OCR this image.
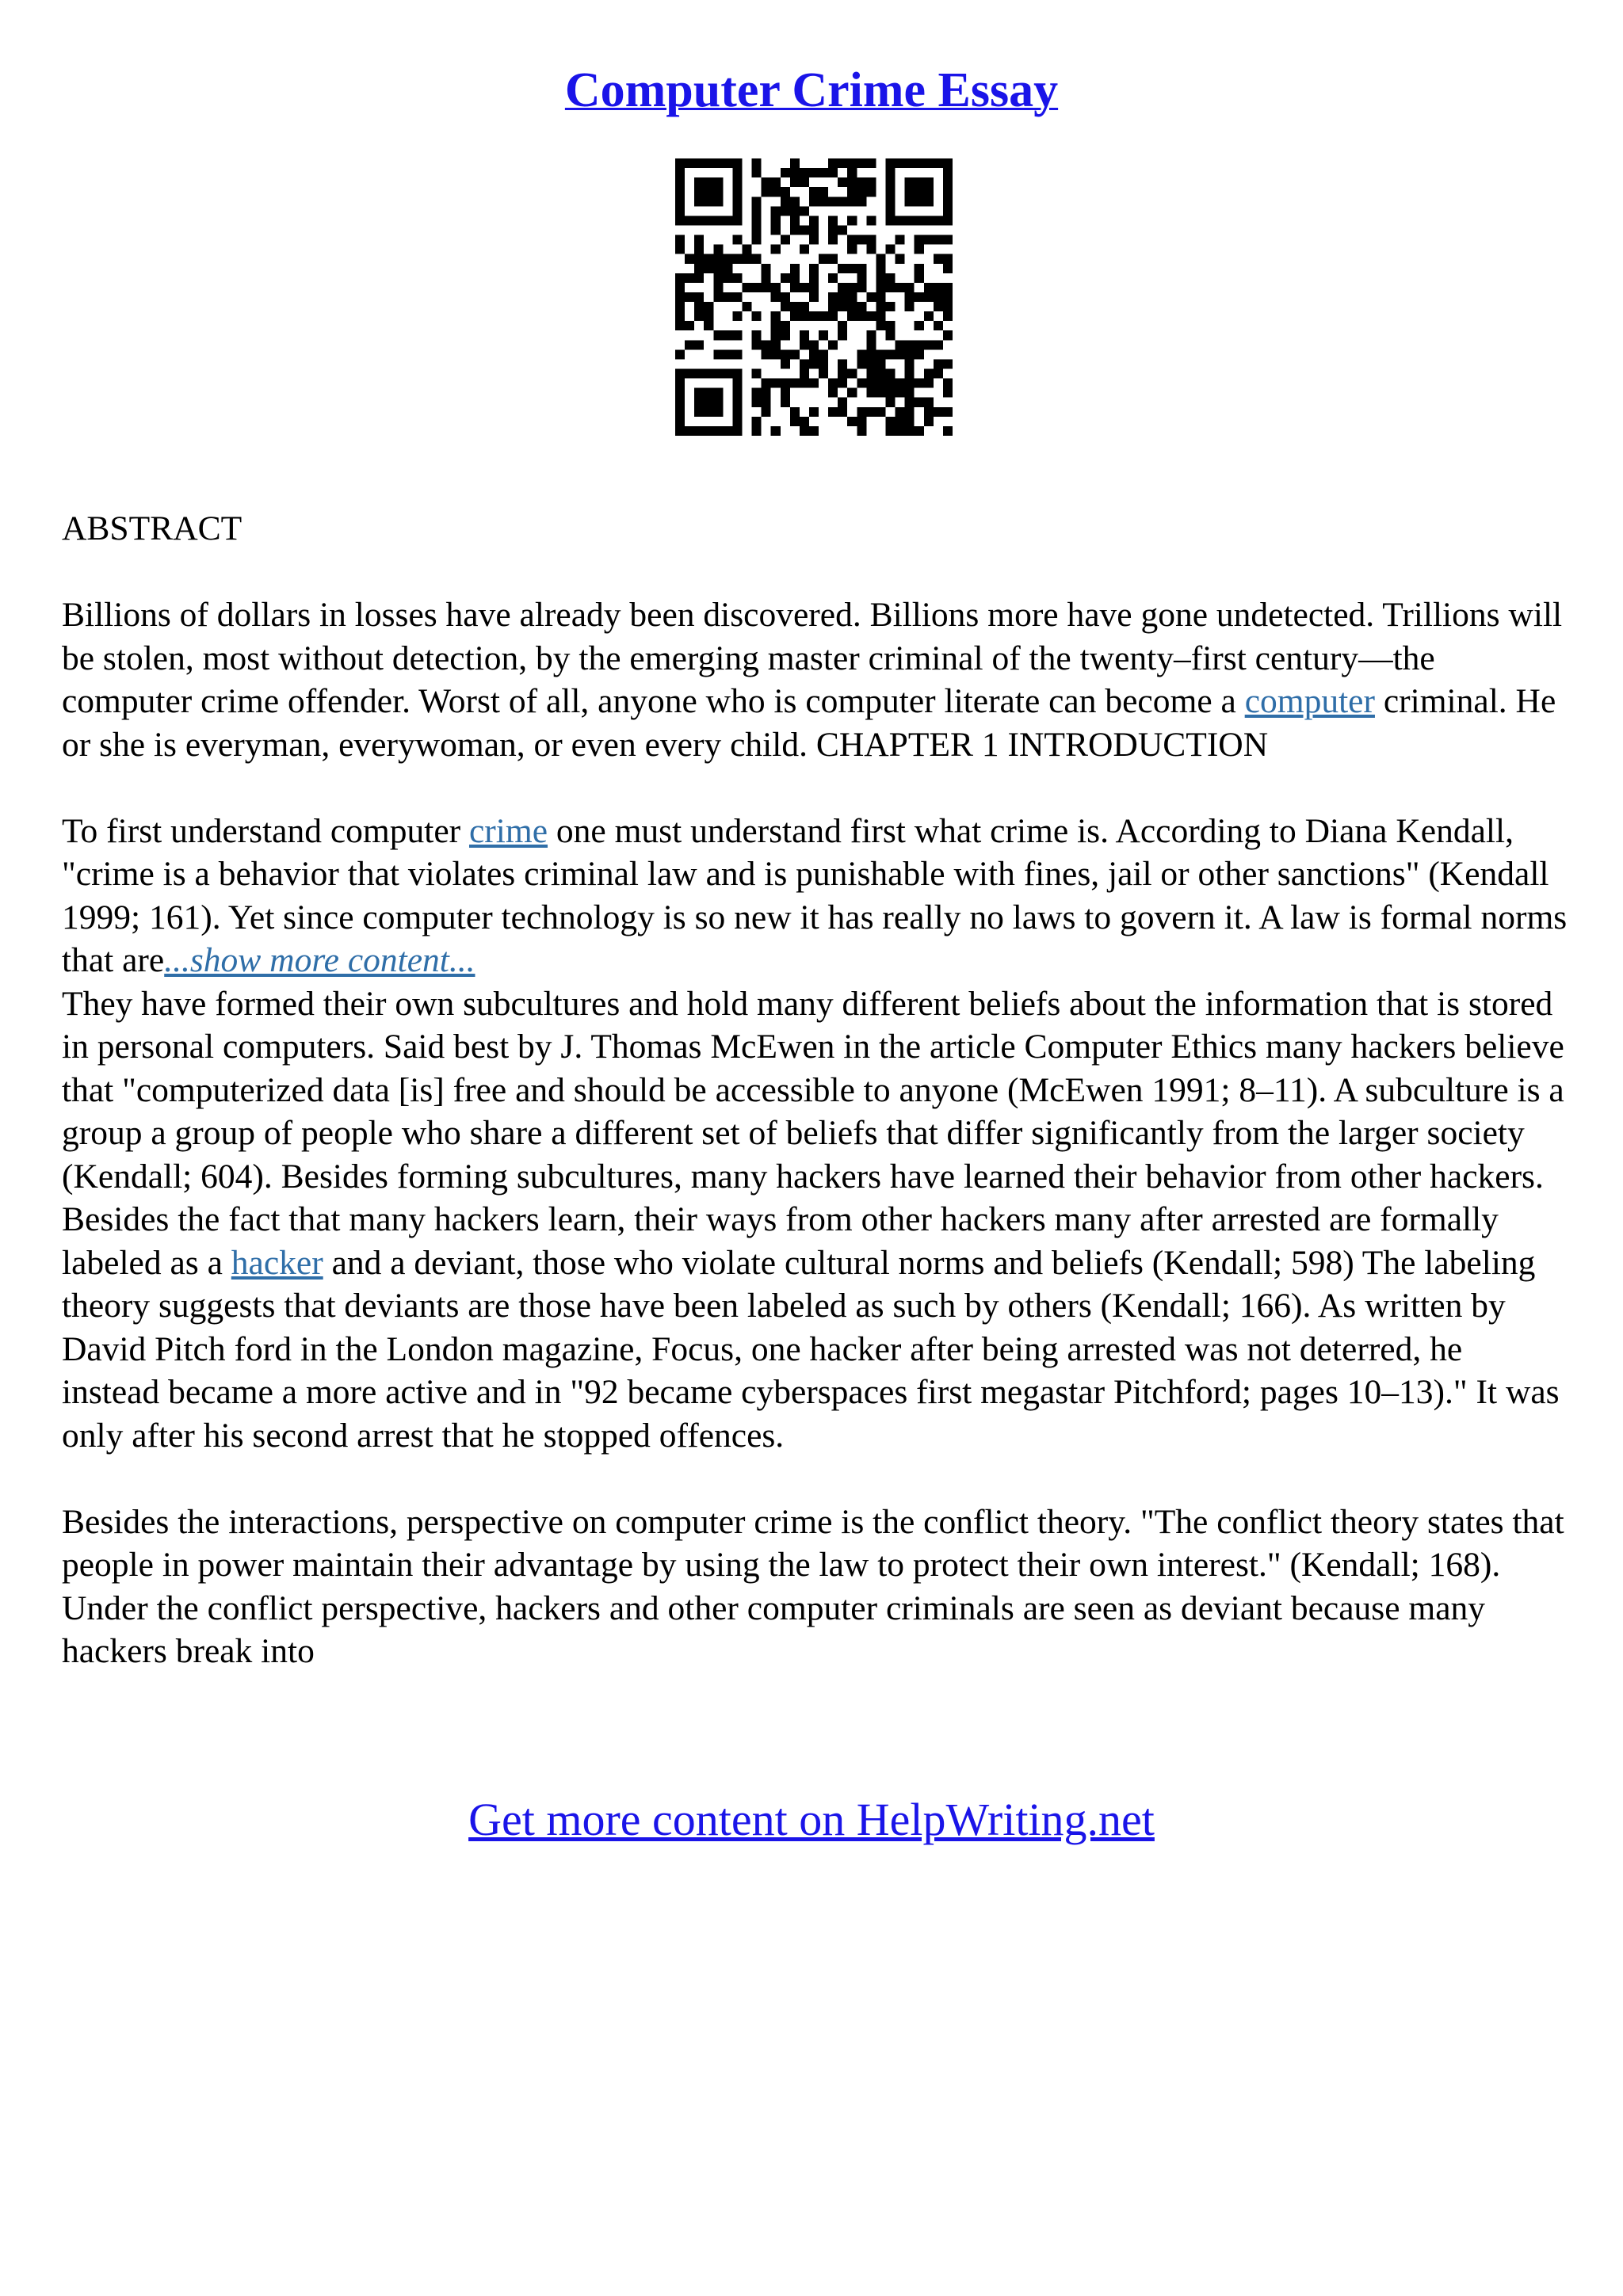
Computer Crime Essay

ABSTRACT

Billions of dollars in losses have already been discovered. Billions more have gone undetected. Trillions will be stolen, most without detection, by the emerging master criminal of the twenty–first century—the computer crime offender. Worst of all, anyone who is computer literate can become a computer criminal. He or she is everyman, everywoman, or even every child. CHAPTER 1 INTRODUCTION

To first understand computer crime one must understand first what crime is. According to Diana Kendall, "crime is a behavior that violates criminal law and is punishable with fines, jail or other sanctions" (Kendall 1999; 161). Yet since computer technology is so new it has really no laws to govern it. A law is formal norms that are...show more content...

They have formed their own subcultures and hold many different beliefs about the information that is stored in personal computers. Said best by J. Thomas McEwen in the article Computer Ethics many hackers believe that "computerized data [is] free and should be accessible to anyone (McEwen 1991; 8–11). A subculture is a group a group of people who share a different set of beliefs that differ significantly from the larger society (Kendall; 604). Besides forming subcultures, many hackers have learned their behavior from other hackers. Besides the fact that many hackers learn, their ways from other hackers many after arrested are formally labeled as a hacker and a deviant, those who violate cultural norms and beliefs (Kendall; 598) The labeling theory suggests that deviants are those have been labeled as such by others (Kendall; 166). As written by David Pitch ford in the London magazine, Focus, one hacker after being arrested was not deterred, he instead became a more active and in "92 became cyberspaces first megastar Pitchford; pages 10–13)." It was only after his second arrest that he stopped offences.

Besides the interactions, perspective on computer crime is the conflict theory. "The conflict theory states that people in power maintain their advantage by using the law to protect their own interest." (Kendall; 168). Under the conflict perspective, hackers and other computer criminals are seen as deviant because many hackers break into

Get more content on HelpWriting.net
